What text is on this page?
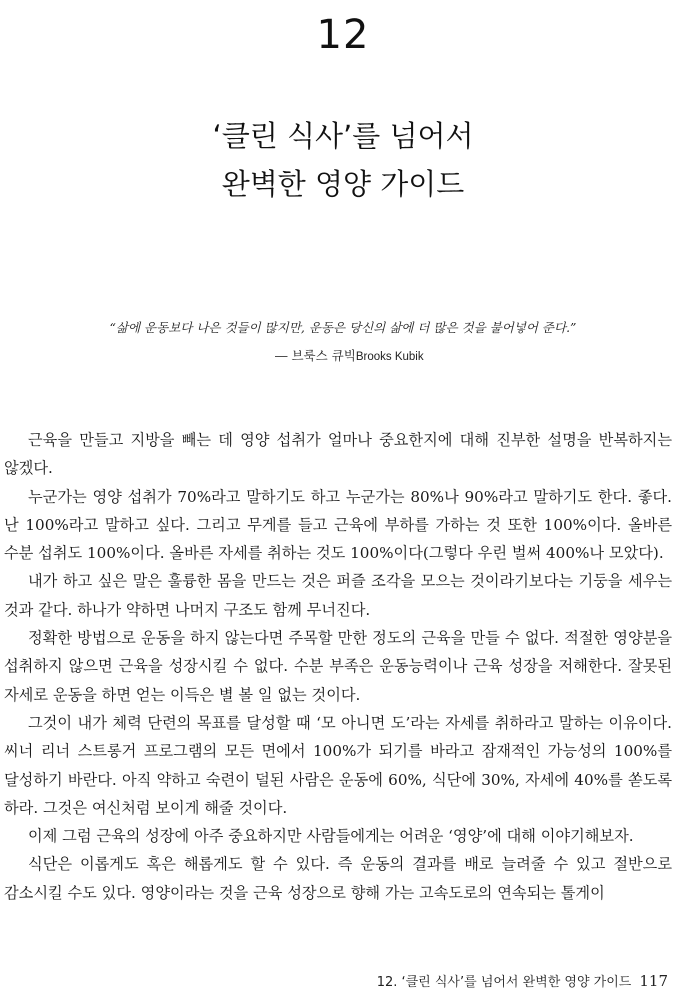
12
‘클린 식사’를 넘어서
완벽한 영양 가이드
“삶에 운동보다 나은 것들이 많지만, 운동은 당신의 삶에 더 많은 것을 불어넣어 준다.”
― 브룩스 큐빅Brooks Kubik

근육을 만들고 지방을 빼는 데 영양 섭취가 얼마나 중요한지에 대해 진부한 설명을 반복하지는 않겠다.

누군가는 영양 섭취가 70%라고 말하기도 하고 누군가는 80%나 90%라고 말하기도 한다. 좋다. 난 100%라고 말하고 싶다. 그리고 무게를 들고 근육에 부하를 가하는 것 또한 100%이다. 올바른 수분 섭취도 100%이다. 올바른 자세를 취하는 것도 100%이다(그렇다 우린 벌써 400%나 모았다).

내가 하고 싶은 말은 훌륭한 몸을 만드는 것은 퍼즐 조각을 모으는 것이라기보다는 기둥을 세우는 것과 같다. 하나가 약하면 나머지 구조도 함께 무너진다.

정확한 방법으로 운동을 하지 않는다면 주목할 만한 정도의 근육을 만들 수 없다. 적절한 영양분을 섭취하지 않으면 근육을 성장시킬 수 없다. 수분 부족은 운동능력이나 근육 성장을 저해한다. 잘못된 자세로 운동을 하면 얻는 이득은 별 볼 일 없는 것이다.

그것이 내가 체력 단련의 목표를 달성할 때 ‘모 아니면 도’라는 자세를 취하라고 말하는 이유이다. 씨너 리너 스트롱거 프로그램의 모든 면에서 100%가 되기를 바라고 잠재적인 가능성의 100%를 달성하기 바란다. 아직 약하고 숙련이 덜된 사람은 운동에 60%, 식단에 30%, 자세에 40%를 쏟도록 하라. 그것은 여신처럼 보이게 해줄 것이다.

이제 그럼 근육의 성장에 아주 중요하지만 사람들에게는 어려운 ‘영양’에 대해 이야기해보자.

식단은 이롭게도 혹은 해롭게도 할 수 있다. 즉 운동의 결과를 배로 늘려줄 수 있고 절반으로 감소시킬 수도 있다. 영양이라는 것을 근육 성장으로 향해 가는 고속도로의 연속되는 톨게이

12. ‘클린 식사’를 넘어서 완벽한 영양 가이드 117
